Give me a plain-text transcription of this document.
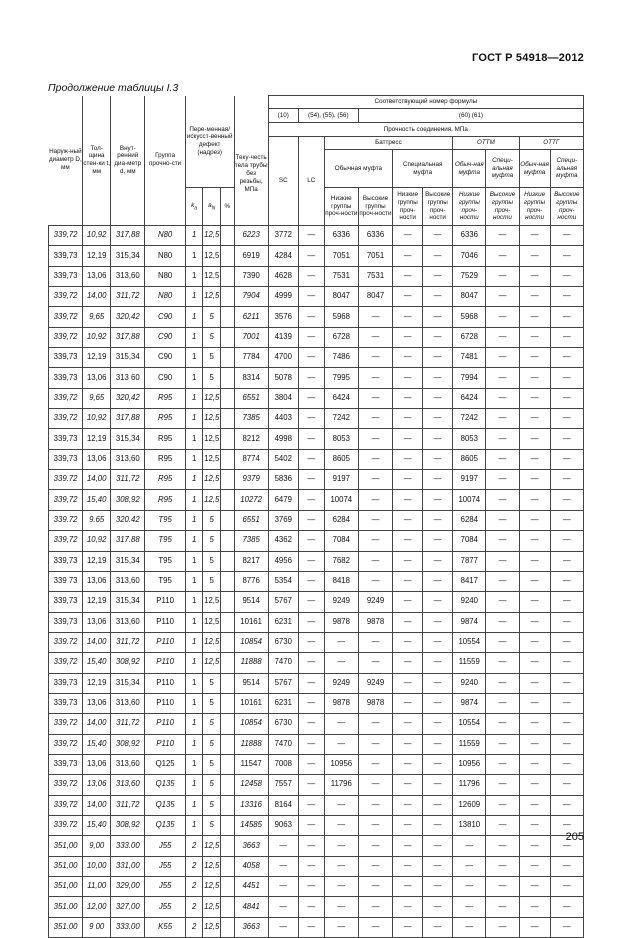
ГОСТ Р 54918—2012
Продолжение таблицы I.3
Наруж-ный диаметр D, мм	Тол-щина стен-ки t, мм	Внут-ренний диа-метр d, мм	Группа прочно-сти	Пере-менная/ искусст-венный дефект (надрез)				Соответствующий номер формулы									
								(10)	(54), (55), (56)		(60) (61)						
							Теку-честь тела трубы без резьбы, МПа	Прочность соединения, МПа									
								SC	LC	Баттресс				ОТТМ		ОТТГ	
										Обычная муфта		Специальная муфта		Обыч-ная муфта	Специ-альная муфта	Обыч-ная муфта	Специ-альная муфта
				$k_a$	$a_N$	%				Низкие группы проч-ности	Высокие группы проч-ности	Низкие группы проч-ности	Высокие группы проч-ности	Низкие группы проч-ности	Высокие группы проч-ности	Низкие группы проч-ности	Высокие группы проч-ности
339,72	10,92	317,88	N80	1	12,5		6223	3772	—	6336	6336	—	—	6336	—	—	—
339,73	12,19	315,34	N80	1	12,5		6919	4284	—	7051	7051	—	—	7046	—	—	—
339,73	13,06	313,60	N80	1	12,5		7390	4628	—	7531	7531	—	—	7529	—	—	—
339,72	14,00	311,72	N80	1	12,5		7904	4999	—	8047	8047	—	—	8047	—	—	—
339,72	9,65	320,42	C90	1	5		6211	3576	—	5968	—	—	—	5968	—	—	—
339,72	10,92	317,88	C90	1	5		7001	4139	—	6728	—	—	—	6728	—	—	—
339,73	12,19	315,34	C90	1	5		7784	4700	—	7486	—	—	—	7481	—	—	—
339,73	13,06	313 60	C90	1	5		8314	5078	—	7995	—	—	—	7994	—	—	—
339,72	9,65	320,42	R95	1	12,5		6551	3804	—	6424	—	—	—	6424	—	—	—
339,72	10,92	317,88	R95	1	12,5		7385	4403	—	7242	—	—	—	7242	—	—	—
339,73	12,19	315,34	R95	1	12,5		8212	4998	—	8053	—	—	—	8053	—	—	—
339,73	13,06	313,60	R95	1	12,5		8774	5402	—	8605	—	—	—	8605	—	—	—
339.72	14,00	311,72	R95	1	12,5		9379	5836	—	9197	—	—	—	9197	—	—	—
339,72	15,40	308,92	R95	1	12,5		10272	6479	—	10074	—	—	—	10074	—	—	—
339.72	9.65	320.42	T95	1	5		6551	3769	—	6284	—	—	—	6284	—	—	—
339,72	10,92	317.88	T95	1	5		7385	4362	—	7084	—	—	—	7084	—	—	—
339,73	12,19	315,34	T95	1	5		8217	4956	—	7682	—	—	—	7877	—	—	—
339 73	13,06	313,60	T95	1	5		8776	5354	—	8418	—	—	—	8417	—	—	—
339,73	12,19	315,34	P110	1	12,5		9514	5767	—	9249	9249	—	—	9240	—	—	—
339,73	13,06	313,60	P110	1	12,5		10161	6231	—	9878	9878	—	—	9874	—	—	—
339.72	14,00	311,72	P110	1	12,5		10854	6730	—	—	—	—	—	10554	—	—	—
339,72	15,40	308,92	P110	1	12,5		11888	7470	—	—	—	—	—	11559	—	—	—
339,73	12,19	315,34	P110	1	5		9514	5767	—	9249	9249	—	—	9240	—	—	—
339,73	13,06	313,60	P110	1	5		10161	6231	—	9878	9878	—	—	9874	—	—	—
339,72	14,00	311,72	P110	1	5		10854	6730	—	—	—	—	—	10554	—	—	—
339,72	15,40	308,92	P110	1	5		11888	7470	—	—	—	—	—	11559	—	—	—
339,73	13,06	313,60	Q125	1	5		11547	7008	—	10956	—	—	—	10956	—	—	—
339,72	13,06	313,60	Q135	1	5		12458	7557	—	11796	—	—	—	11796	—	—	—
339,72	14,00	311,72	Q135	1	5		13316	8164	—	—	—	—	—	12609	—	—	—
339.72	15,40	308,92	Q135	1	5		14585	9063	—	—	—	—	—	13810	—	—	—
351,00	9,00	333.00	J55	2	12,5		3663	—	—	—	—	—	—	—	—	—	—
351,00	10,00	331,00	J55	2	12,5		4058	—	—	—	—	—	—	—	—	—	—
351,00	11,00	329,00	J55	2	12,5		4451	—	—	—	—	—	—	—	—	—	—
351.00	12,00	327,00	J55	2	12,5		4841	—	—	—	—	—	—	—	—	—	—
351.00	9 00	333.00	K55	2	12,5		3663	—	—	—	—	—	—	—	—	—	—
205
